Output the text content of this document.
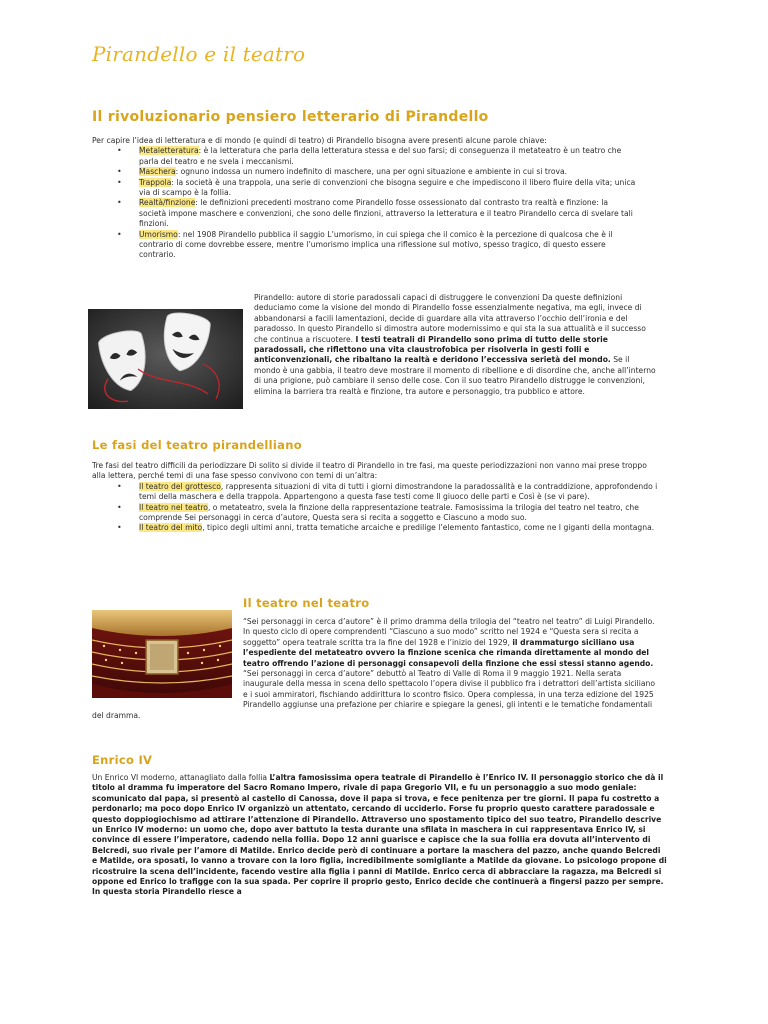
Pirandello e il teatro
Il rivoluzionario pensiero letterario di Pirandello

Per capire l’idea di letteratura e di mondo (e quindi di teatro) di Pirandello bisogna avere presenti alcune parole chiave:

• Metaletteratura: è la letteratura che parla della letteratura stessa e del suo farsi; di conseguenza il metateatro è un teatro che parla del teatro e ne svela i meccanismi.
• Maschera: ognuno indossa un numero indefinito di maschere, una per ogni situazione e ambiente in cui si trova.
• Trappola: la società è una trappola, una serie di convenzioni che bisogna seguire e che impediscono il libero fluire della vita; unica via di scampo è la follia.
• Realtà/finzione: le definizioni precedenti mostrano come Pirandello fosse ossessionato dal contrasto tra realtà e finzione: la società impone maschere e convenzioni, che sono delle finzioni, attraverso la letteratura e il teatro Pirandello cerca di svelare tali finzioni.
• Umorismo: nel 1908 Pirandello pubblica il saggio L’umorismo, in cui spiega che il comico è la percezione di qualcosa che è il contrario di come dovrebbe essere, mentre l’umorismo implica una riflessione sul motivo, spesso tragico, di questo essere contrario.

Pirandello: autore di storie paradossali capaci di distruggere le convenzioni Da queste definizioni deduciamo come la visione del mondo di Pirandello fosse essenzialmente negativa, ma egli, invece di abbandonarsi a facili lamentazioni, decide di guardare alla vita attraverso l’occhio dell’ironia e del paradosso. In questo Pirandello si dimostra autore modernissimo e qui sta la sua attualità e il successo che continua a riscuotere. I testi teatrali di Pirandello sono prima di tutto delle storie paradossali, che riflettono una vita claustrofobica per risolverla in gesti folli e anticonvenzionali, che ribaltano la realtà e deridono l’eccessiva serietà del mondo. Se il mondo è una gabbia, il teatro deve mostrare il momento di ribellione e di disordine che, anche all’interno di una prigione, può cambiare il senso delle cose. Con il suo teatro Pirandello distrugge le convenzioni, elimina la barriera tra realtà e finzione, tra autore e personaggio, tra pubblico e attore.

Le fasi del teatro pirandelliano

Tre fasi del teatro difficili da periodizzare Di solito si divide il teatro di Pirandello in tre fasi, ma queste periodizzazioni non vanno mai prese troppo alla lettera, perché temi di una fase spesso convivono con temi di un’altra:

• Il teatro del grottesco, rappresenta situazioni di vita di tutti i giorni dimostrandone la paradossalità e la contraddizione, approfondendo i temi della maschera e della trappola. Appartengono a questa fase testi come Il giuoco delle parti e Così è (se vi pare).
• Il teatro nel teatro, o metateatro, svela la finzione della rappresentazione teatrale. Famosissima la trilogia del teatro nel teatro, che comprende Sei personaggi in cerca d’autore, Questa sera si recita a soggetto e Ciascuno a modo suo.
• Il teatro del mito, tipico degli ultimi anni, tratta tematiche arcaiche e predilige l’elemento fantastico, come ne I giganti della montagna.
Il teatro nel teatro

“Sei personaggi in cerca d’autore” è il primo dramma della trilogia del “teatro nel teatro” di Luigi Pirandello. In questo ciclo di opere comprendenti “Ciascuno a suo modo” scritto nel 1924 e “Questa sera si recita a soggetto” opera teatrale scritta tra la fine del 1928 e l’inizio del 1929, il drammaturgo siciliano usa l’espediente del metateatro ovvero la finzione scenica che rimanda direttamente al mondo del teatro offrendo l’azione di personaggi consapevoli della finzione che essi stessi stanno agendo. “Sei personaggi in cerca d’autore” debuttò al Teatro di Valle di Roma il 9 maggio 1921. Nella serata inaugurale della messa in scena dello spettacolo l’opera divise il pubblico fra i detrattori dell’artista siciliano e i suoi ammiratori, fischiando addirittura lo scontro fisico. Opera complessa, in una terza edizione del 1925 Pirandello aggiunse una prefazione per chiarire e spiegare la genesi, gli intenti e le tematiche fondamentali del dramma.

Enrico IV

Un Enrico VI moderno, attanagliato dalla follia L’altra famosissima opera teatrale di Pirandello è l’Enrico IV. Il personaggio storico che dà il titolo al dramma fu imperatore del Sacro Romano Impero, rivale di papa Gregorio VII, e fu un personaggio a suo modo geniale: scomunicato dal papa, si presentò al castello di Canossa, dove il papa si trova, e fece penitenza per tre giorni. Il papa fu costretto a perdonarlo; ma poco dopo Enrico IV organizzò un attentato, cercando di ucciderlo. Forse fu proprio questo carattere paradossale e questo doppiogiochismo ad attirare l’attenzione di Pirandello. Attraverso uno spostamento tipico del suo teatro, Pirandello descrive un Enrico IV moderno: un uomo che, dopo aver battuto la testa durante una sfilata in maschera in cui rappresentava Enrico IV, si convince di essere l’imperatore, cadendo nella follia. Dopo 12 anni guarisce e capisce che la sua follia era dovuta all’intervento di Belcredi, suo rivale per l’amore di Matilde. Enrico decide però di continuare a portare la maschera del pazzo, anche quando Belcredi e Matilde, ora sposati, lo vanno a trovare con la loro figlia, incredibilmente somigliante a Matilde da giovane. Lo psicologo propone di ricostruire la scena dell’incidente, facendo vestire alla figlia i panni di Matilde. Enrico cerca di abbracciare la ragazza, ma Belcredi si oppone ed Enrico lo trafigge con la sua spada. Per coprire il proprio gesto, Enrico decide che continuerà a fingersi pazzo per sempre. In questa storia Pirandello riesce a
